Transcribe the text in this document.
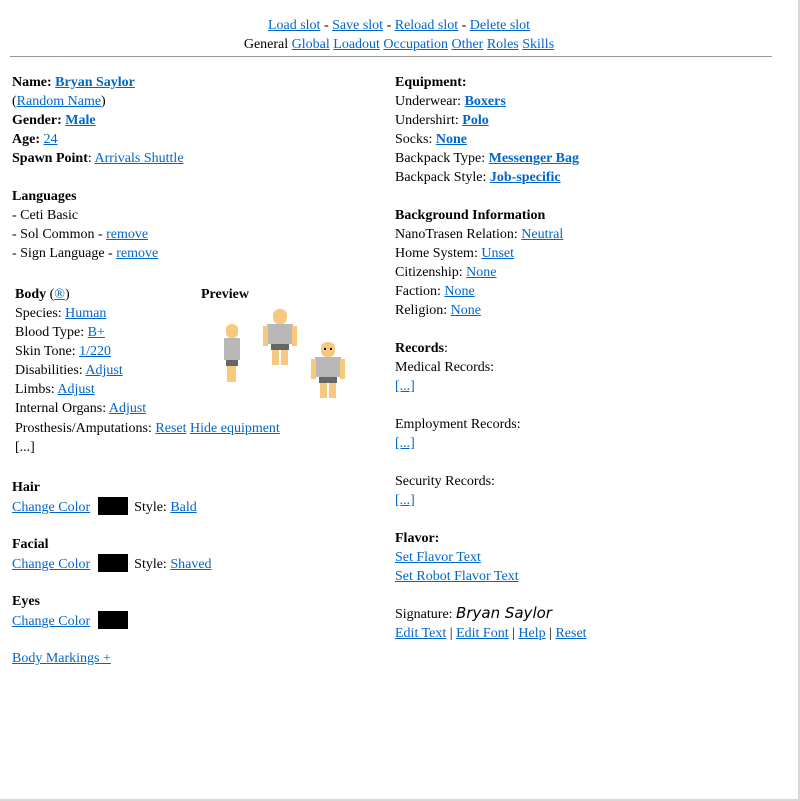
Load slot - Save slot - Reload slot - Delete slot
General Global Loadout Occupation Other Roles Skills
Name: Bryan Saylor
(Random Name)
Gender: Male
Age: 24
Spawn Point: Arrivals Shuttle
Languages
- Ceti Basic
- Sol Common - remove
- Sign Language - remove
Body (®)	Preview
Species: Human
Blood Type: B+
Skin Tone: 1/220
Disabilities: Adjust
Limbs: Adjust
Internal Organs: Adjust
Prosthesis/Amputations: Reset Hide equipment
[...]
Hair
Change Color	Style: Bald
Facial
Change Color	Style: Shaved
Eyes
Change Color
Body Markings +
Equipment:
Underwear: Boxers
Undershirt: Polo
Socks: None
Backpack Type: Messenger Bag
Backpack Style: Job-specific
Background Information
NanoTrasen Relation: Neutral
Home System: Unset
Citizenship: None
Faction: None
Religion: None
Records:
Medical Records:
[...]
Employment Records:
[...]
Security Records:
[...]
Flavor:
Set Flavor Text
Set Robot Flavor Text
Signature: Bryan Saylor
Edit Text | Edit Font | Help | Reset
